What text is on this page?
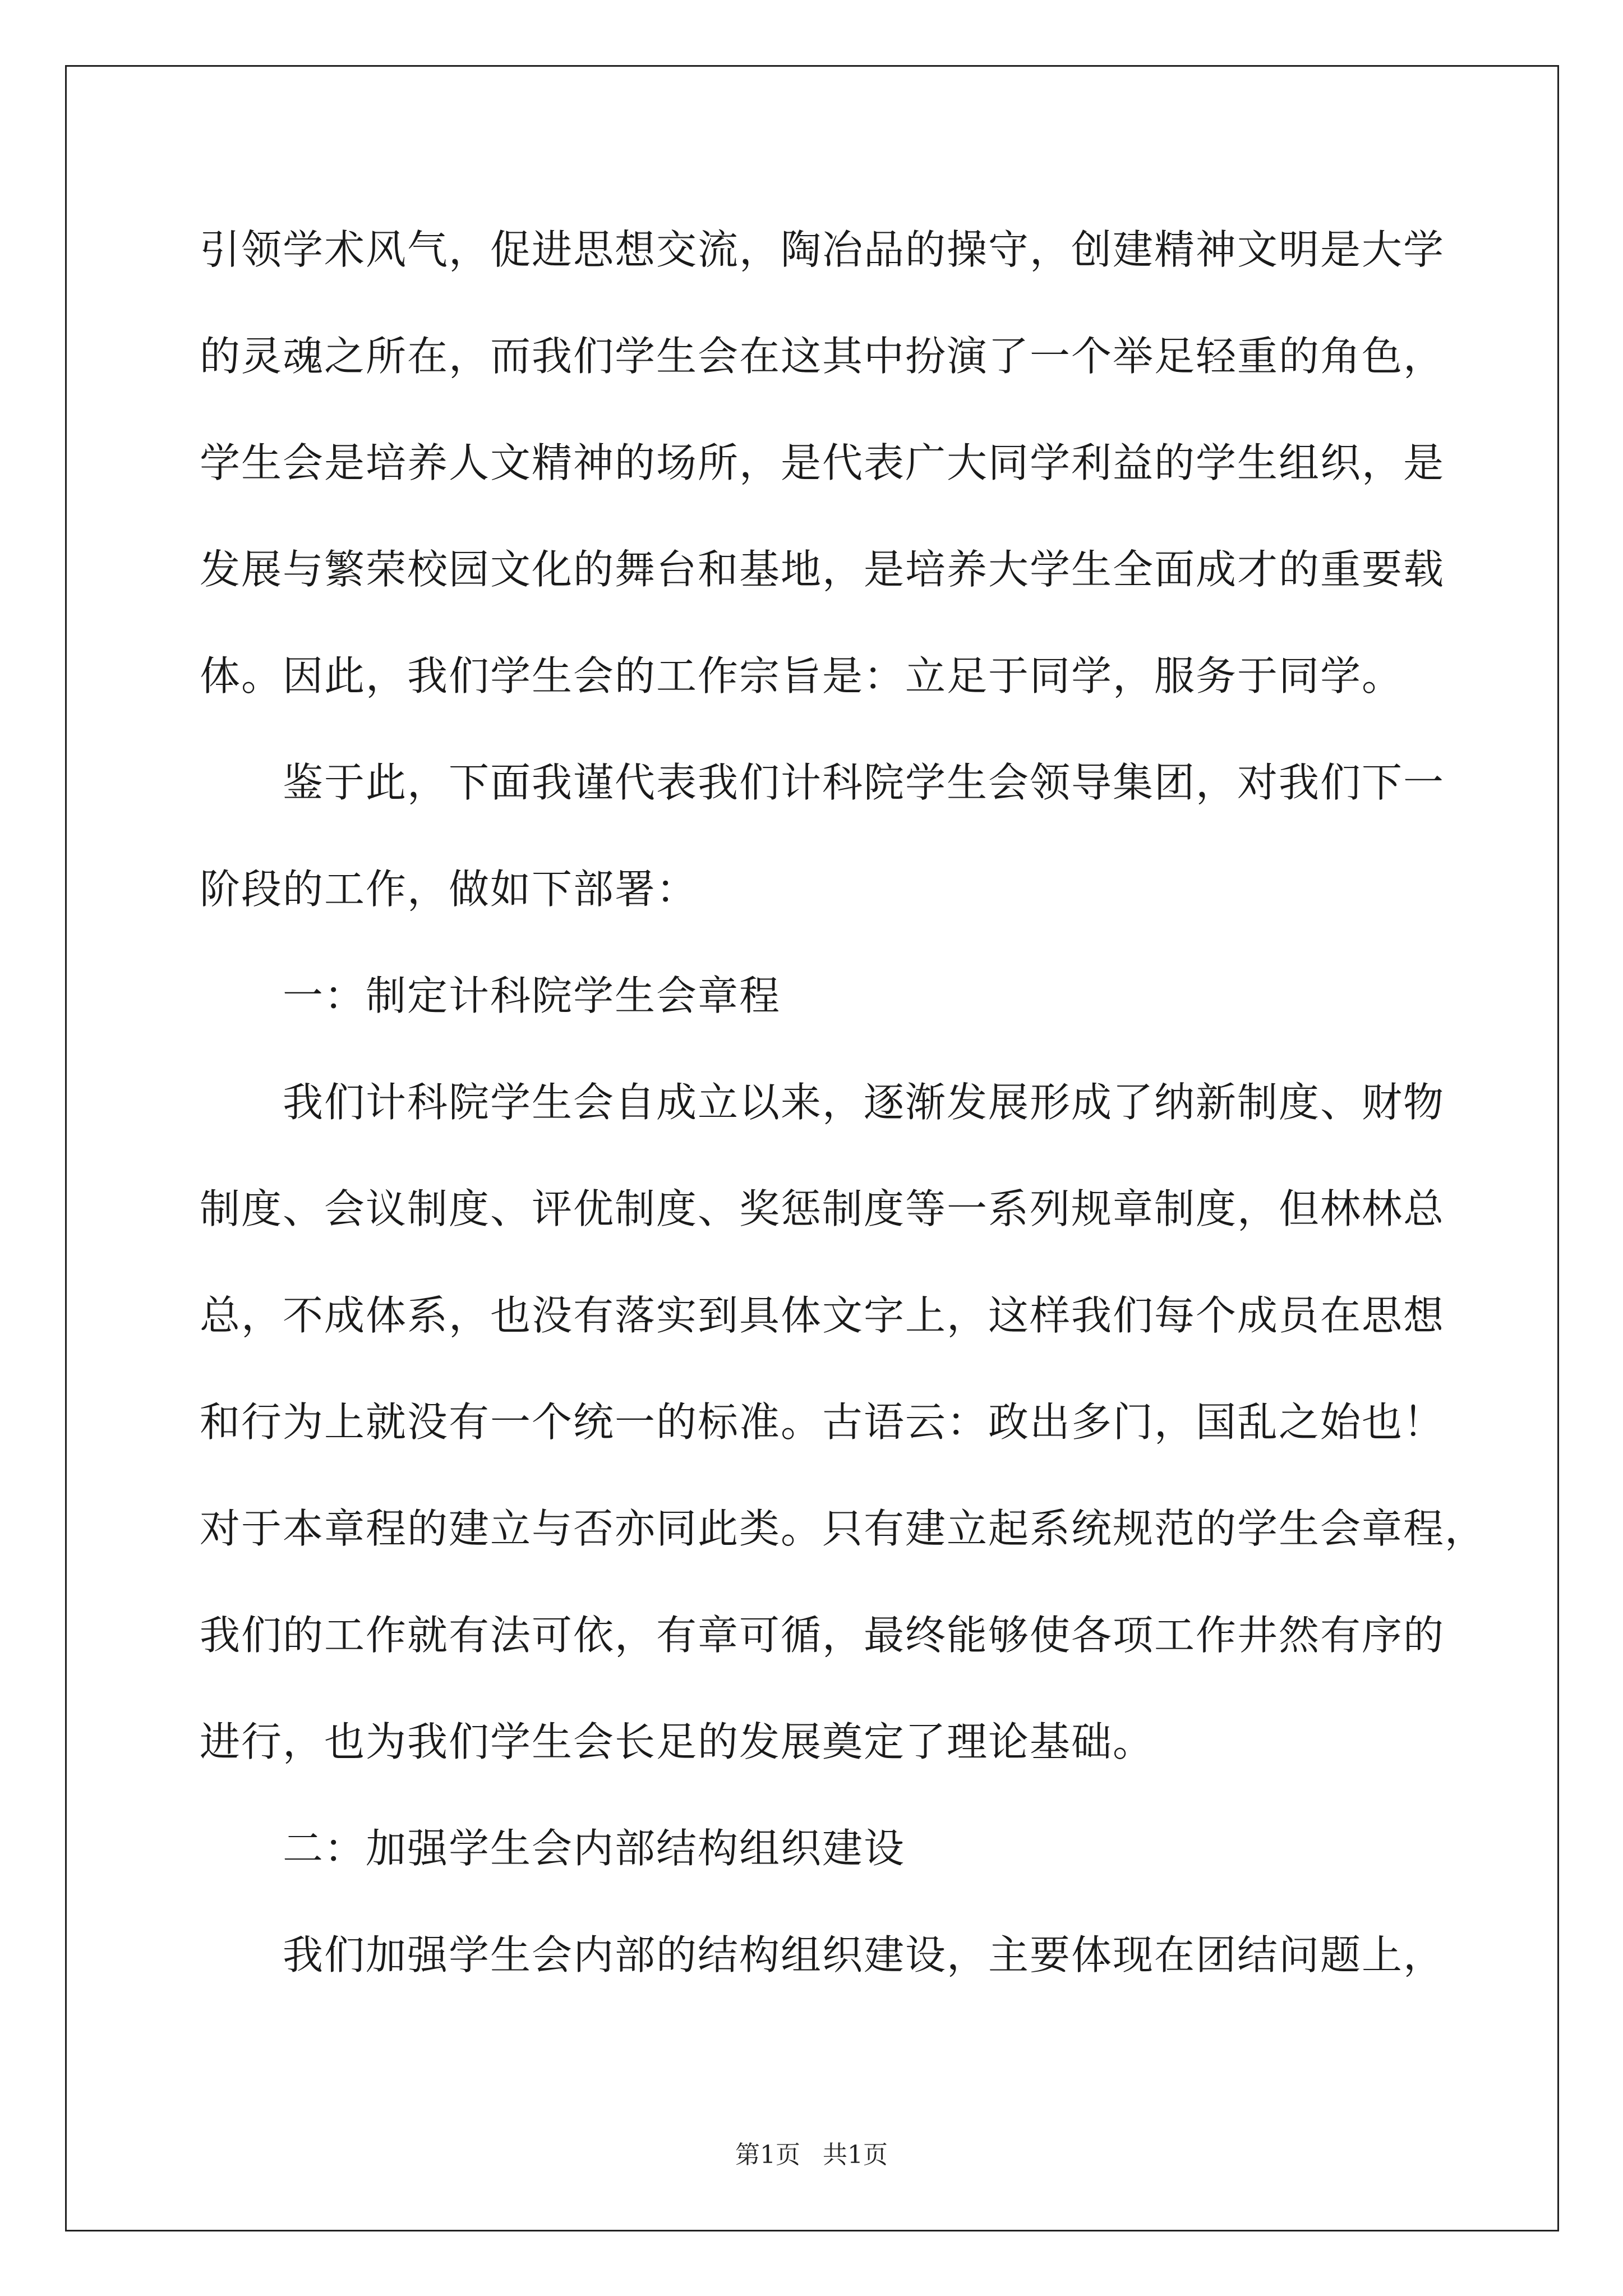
引领学术风气，促进思想交流，陶冶品的操守，创建精神文明是大学
的灵魂之所在，而我们学生会在这其中扮演了一个举足轻重的角色，
学生会是培养人文精神的场所，是代表广大同学利益的学生组织，是
发展与繁荣校园文化的舞台和基地，是培养大学生全面成才的重要载
体。因此，我们学生会的工作宗旨是：立足于同学，服务于同学。
　　鉴于此，下面我谨代表我们计科院学生会领导集团，对我们下一
阶段的工作，做如下部署：
　　一：制定计科院学生会章程
　　我们计科院学生会自成立以来，逐渐发展形成了纳新制度、财物
制度、会议制度、评优制度、奖惩制度等一系列规章制度，但林林总
总，不成体系，也没有落实到具体文字上，这样我们每个成员在思想
和行为上就没有一个统一的标准。古语云：政出多门，国乱之始也！
对于本章程的建立与否亦同此类。只有建立起系统规范的学生会章程，
我们的工作就有法可依，有章可循，最终能够使各项工作井然有序的
进行，也为我们学生会长足的发展奠定了理论基础。
　　二：加强学生会内部结构组织建设
　　我们加强学生会内部的结构组织建设，主要体现在团结问题上，
第1页 共1页
